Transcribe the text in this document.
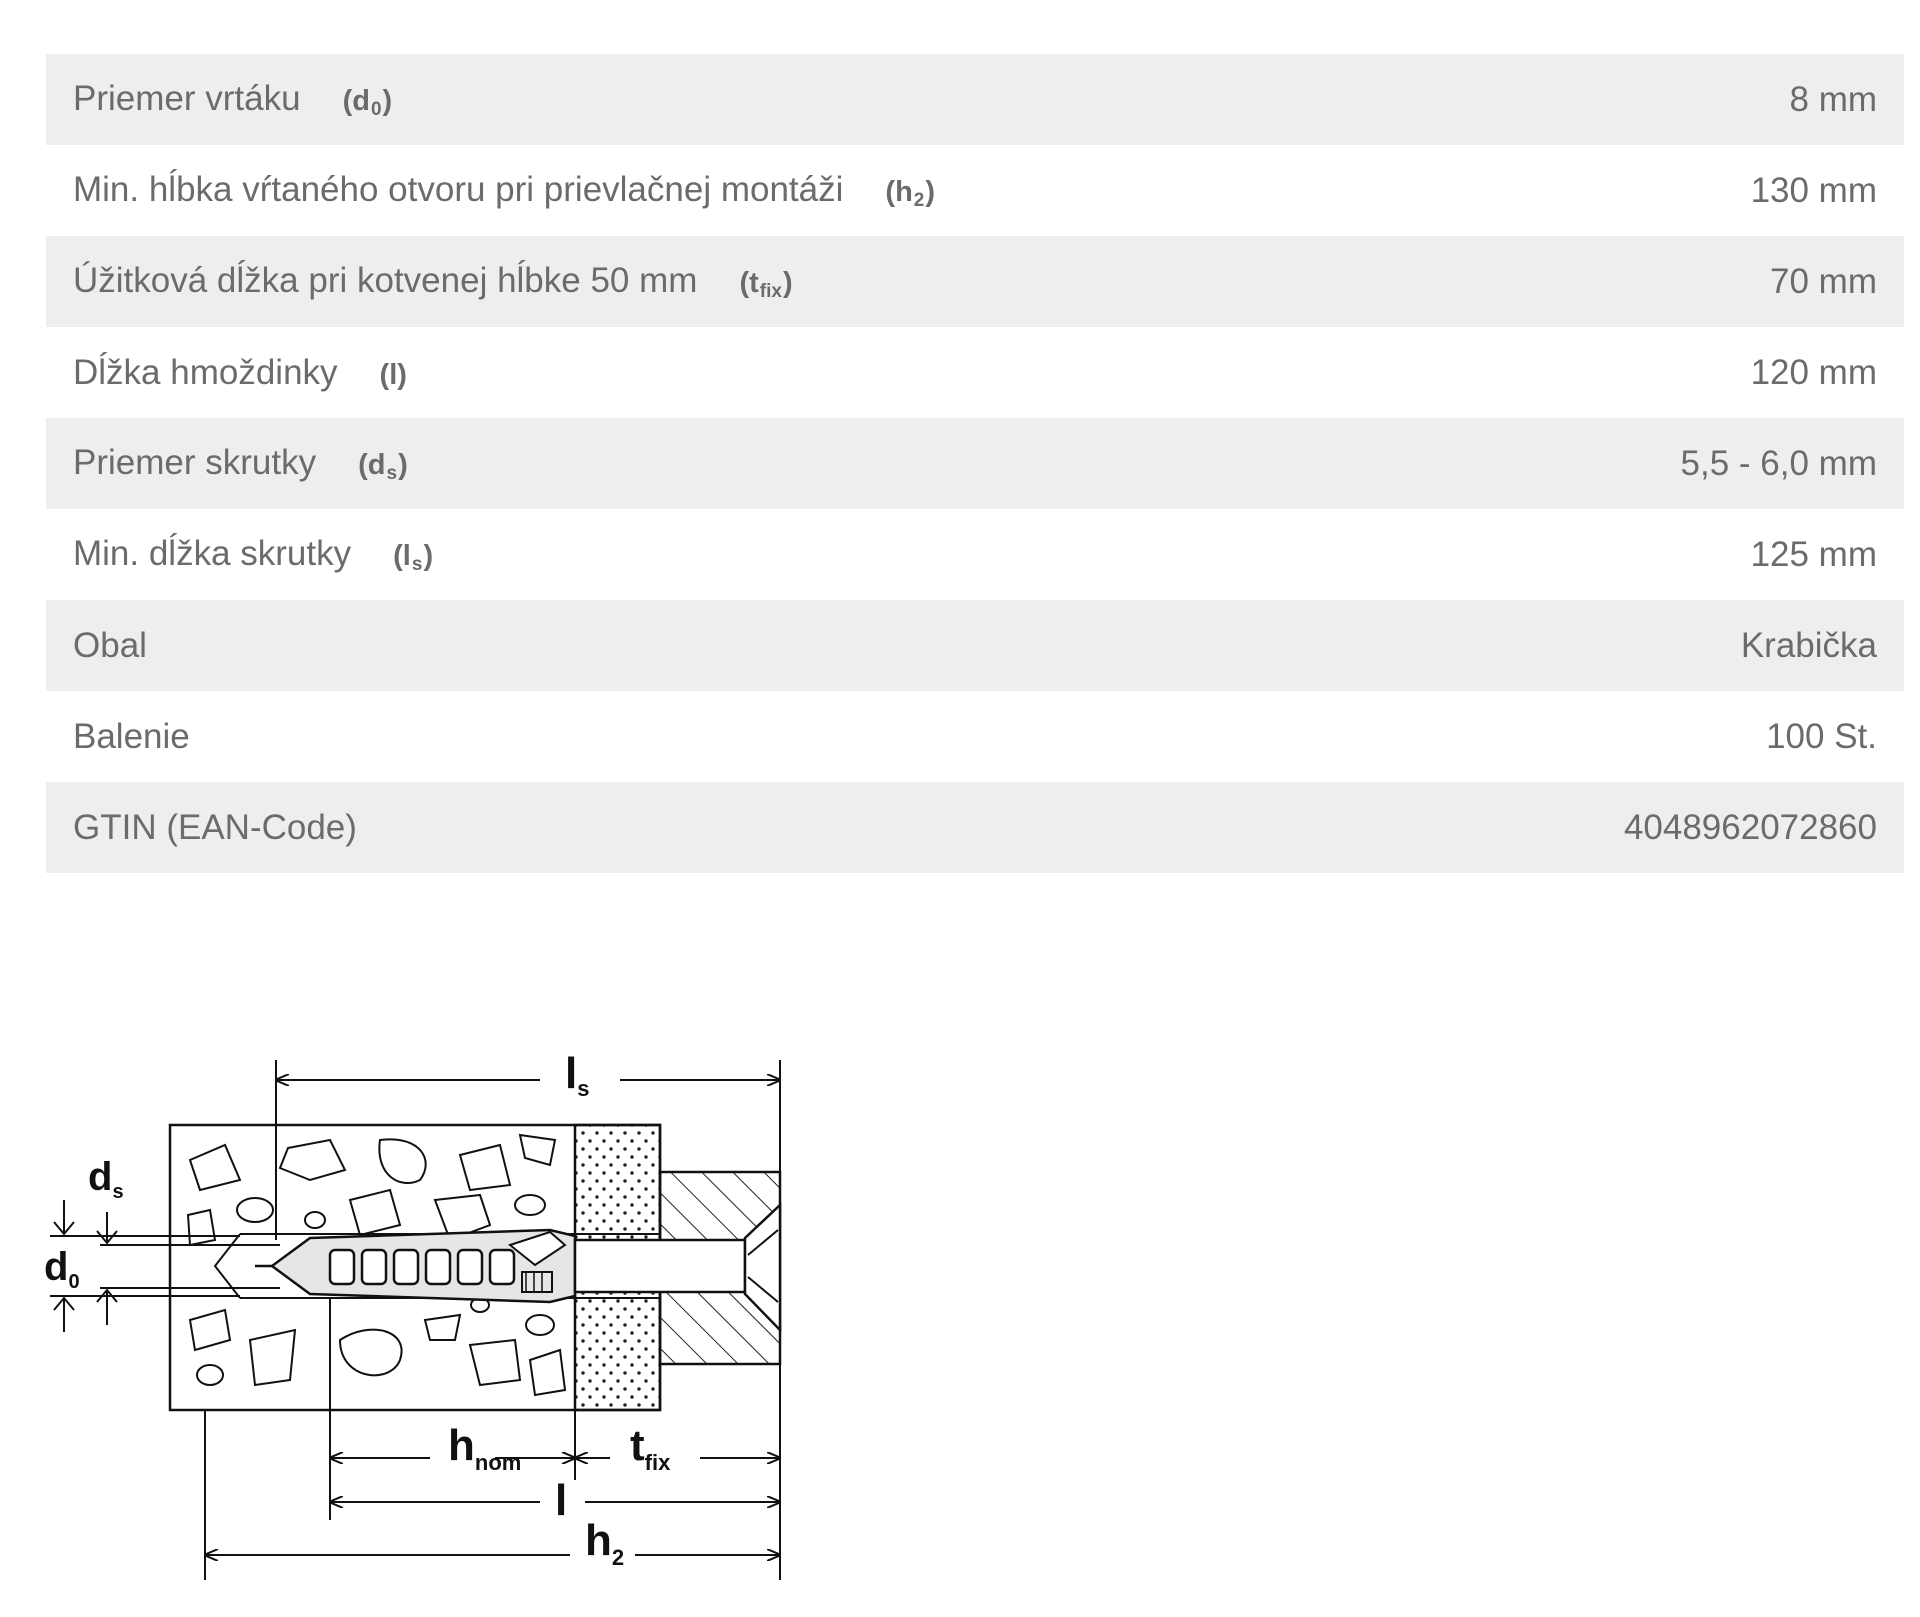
Priemer vrtáku $(d_0)$	8 mm
Min. hĺbka vŕtaného otvoru pri prievlačnej montáži $(h_2)$	130 mm
Úžitková dĺžka pri kotvenej hĺbke 50 mm $(t_{fix})$	70 mm
Dĺžka hmoždinky (l)	120 mm
Priemer skrutky $(d_s)$	5,5 - 6,0 mm
Min. dĺžka skrutky $(l_s)$	125 mm
Obal	Krabička
Balenie	100 St.
GTIN (EAN-Code)	4048962072860
ls
$d_s$
$d_0$
$h_{nom}$ $t_{fix}$
l
$h_2$
